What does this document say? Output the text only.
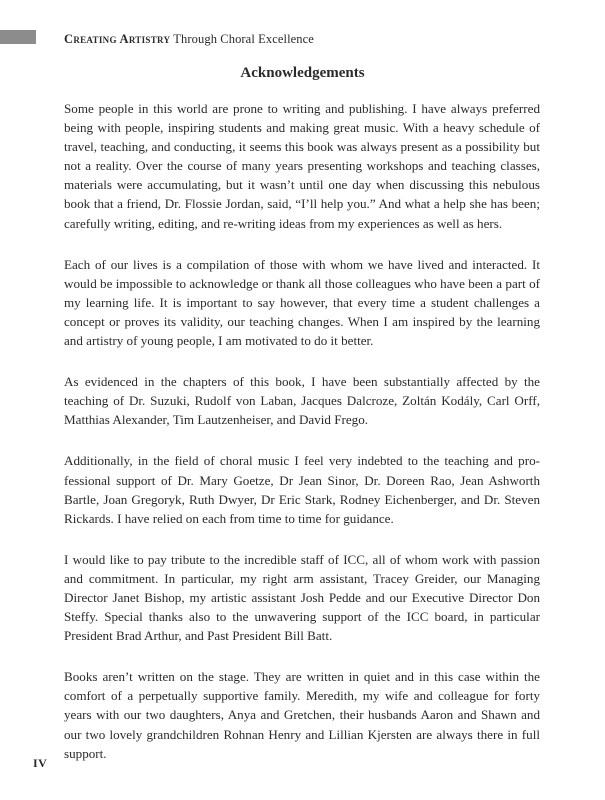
Creating Artistry Through Choral Excellence
Acknowledgements

Some people in this world are prone to writing and publishing. I have always preferred being with people, inspiring students and making great music. With a heavy schedule of travel, teaching, and conducting, it seems this book was always present as a possibility but not a reality. Over the course of many years presenting workshops and teaching classes, materials were accumulating, but it wasn’t until one day when discussing this nebulous book that a friend, Dr. Flossie Jordan, said, “I’ll help you.” And what a help she has been; carefully writing, editing, and re-writing ideas from my experiences as well as hers.

Each of our lives is a compilation of those with whom we have lived and interacted. It would be impossible to acknowledge or thank all those colleagues who have been a part of my learning life. It is important to say however, that every time a student challenges a concept or proves its validity, our teaching changes. When I am inspired by the learning and artistry of young people, I am motivated to do it better.

As evidenced in the chapters of this book, I have been substantially affected by the teaching of Dr. Suzuki, Rudolf von Laban, Jacques Dalcroze, Zoltán Kodály, Carl Orff, Matthias Alexander, Tim Lautzenheiser, and David Frego.

Additionally, in the field of choral music I feel very indebted to the teaching and professional support of Dr. Mary Goetze, Dr Jean Sinor, Dr. Doreen Rao, Jean Ashworth Bartle, Joan Gregoryk, Ruth Dwyer, Dr Eric Stark, Rodney Eichenberger, and Dr. Steven Rickards. I have relied on each from time to time for guidance.

I would like to pay tribute to the incredible staff of ICC, all of whom work with passion and commitment. In particular, my right arm assistant, Tracey Greider, our Managing Director Janet Bishop, my artistic assistant Josh Pedde and our Executive Director Don Steffy. Special thanks also to the unwavering support of the ICC board, in particular President Brad Arthur, and Past President Bill Batt.

Books aren’t written on the stage. They are written in quiet and in this case within the comfort of a perpetually supportive family. Meredith, my wife and colleague for forty years with our two daughters, Anya and Gretchen, their husbands Aaron and Shawn and our two lovely grandchildren Rohnan Henry and Lillian Kjersten are always there in full support.

IV
